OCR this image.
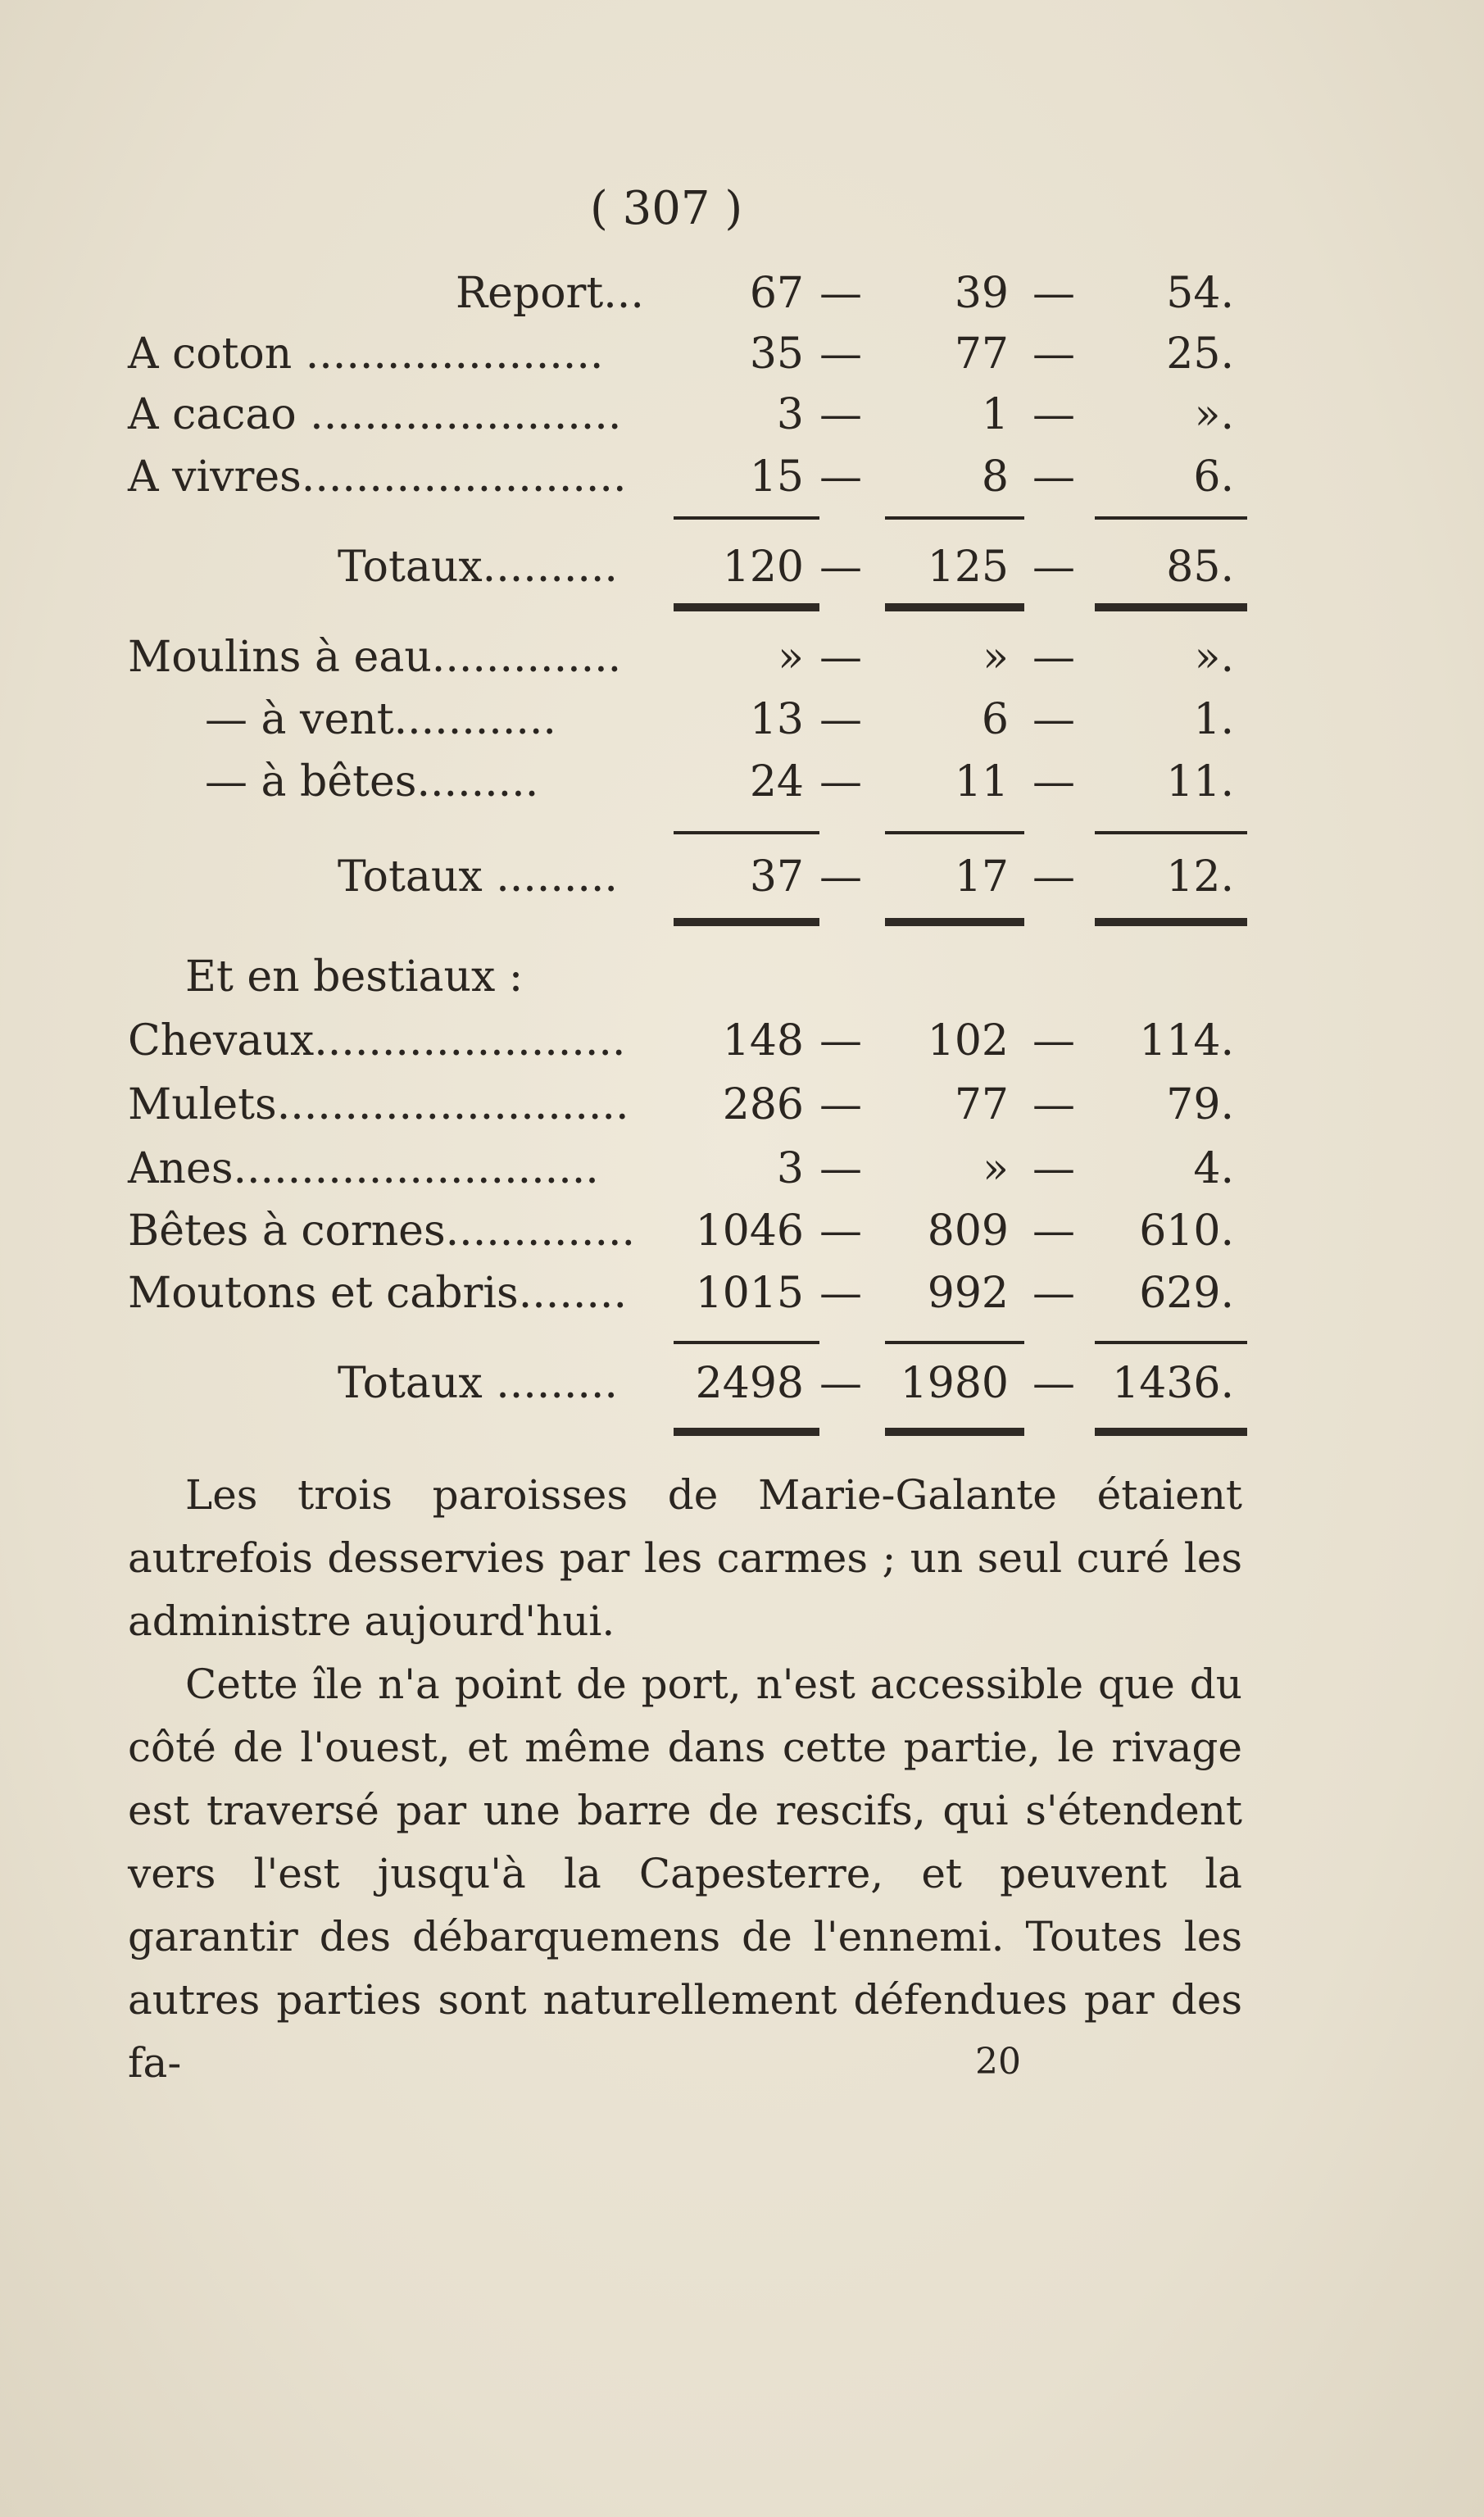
( 307 )
Report... 67 — 39 — 54.
A coton ......................	35 — 77 — 25.
A cacao .......................	3 —	1 —	».
A vivres........................	15 —	8 —	6.
Totaux.......... 120 — 125 — 85.
Moulins à eau..............	» —	» —	».
— à vent............	13 —	6 —	1.
— à bêtes.........	24 — 11 — 11.
Totaux .........	37 — 17 — 12.
Et en bestiaux :
Chevaux....................... 148 — 102 — 114.
Mulets.......................... 286 — 77 — 79.
Anes...........................	3 —	» —	4.
Bêtes à cornes.............. 1046 — 809 — 610.
Moutons et cabris........ 1015 — 992 — 629.
Totaux ......... 2498 — 1980 — 1436.

Les trois paroisses de Marie-Galante étaient autrefois desservies par les carmes ; un seul curé les administre aujourd'hui.

Cette île n'a point de port, n'est accessible que du côté de l'ouest, et même dans cette partie, le rivage est traversé par une barre de rescifs, qui s'étendent vers l'est jusqu'à la Capesterre, et peuvent la garantir des débarquemens de l'ennemi. Toutes les autres parties sont naturellement défendues par des fa-	20
